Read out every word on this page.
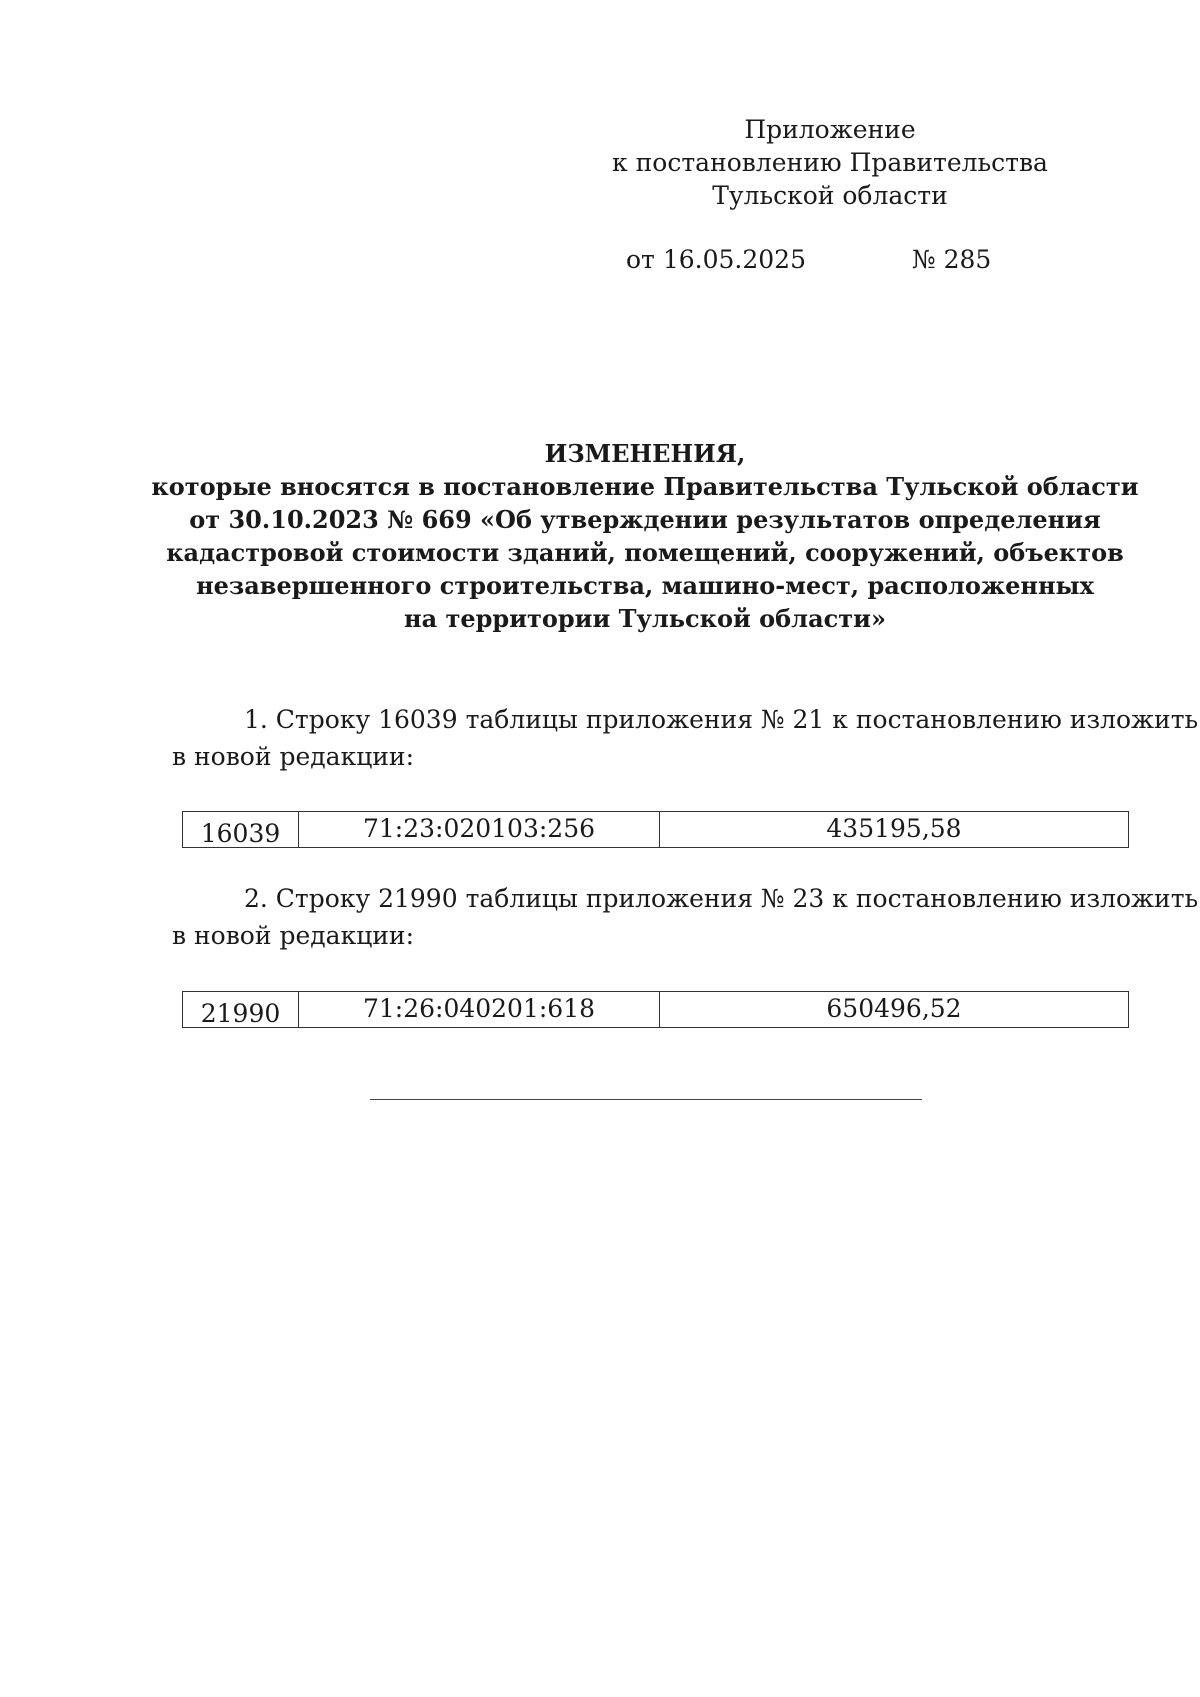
Приложение
к постановлению Правительства
Тульской области
от 16.05.2025	№ 285
ИЗМЕНЕНИЯ,
которые вносятся в постановление Правительства Тульской области
от 30.10.2023 № 669 «Об утверждении результатов определения
кадастровой стоимости зданий, помещений, сооружений, объектов
незавершенного строительства, машино-мест, расположенных
на территории Тульской области»
1. Строку 16039 таблицы приложения № 21 к постановлению изложить
в новой редакции:
16039	71:23:020103:256	435195,58
2. Строку 21990 таблицы приложения № 23 к постановлению изложить
в новой редакции:
21990	71:26:040201:618	650496,52
